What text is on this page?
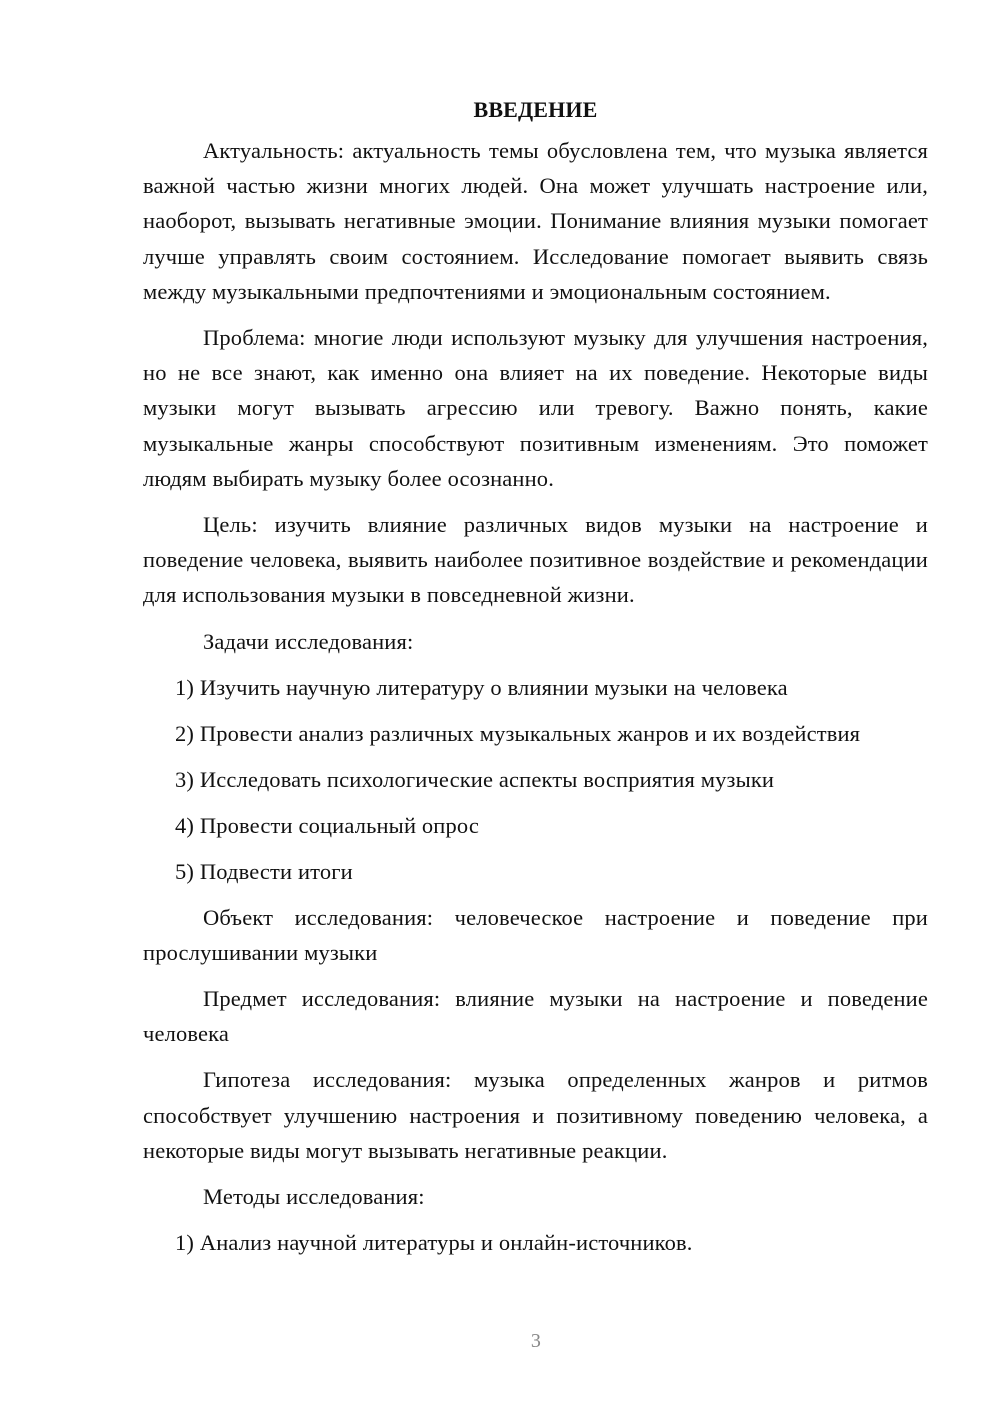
ВВЕДЕНИЕ
Актуальность: актуальность темы обусловлена тем, что музыка является важной частью жизни многих людей. Она может улучшать настроение или, наоборот, вызывать негативные эмоции. Понимание влияния музыки помогает лучше управлять своим состоянием. Исследование помогает выявить связь между музыкальными предпочтениями и эмоциональным состоянием.
Проблема: многие люди используют музыку для улучшения настроения, но не все знают, как именно она влияет на их поведение. Некоторые виды музыки могут вызывать агрессию или тревогу. Важно понять, какие музыкальные жанры способствуют позитивным изменениям. Это поможет людям выбирать музыку более осознанно.
Цель: изучить влияние различных видов музыки на настроение и поведение человека, выявить наиболее позитивное воздействие и рекомендации для использования музыки в повседневной жизни.
Задачи исследования:
1) Изучить научную литературу о влиянии музыки на человека
2) Провести анализ различных музыкальных жанров и их воздействия
3) Исследовать психологические аспекты восприятия музыки
4) Провести социальный опрос
5) Подвести итоги
Объект исследования: человеческое настроение и поведение при прослушивании музыки
Предмет исследования: влияние музыки на настроение и поведение человека
Гипотеза исследования: музыка определенных жанров и ритмов способствует улучшению настроения и позитивному поведению человека, а некоторые виды могут вызывать негативные реакции.
Методы исследования:
1) Анализ научной литературы и онлайн-источников.
3
